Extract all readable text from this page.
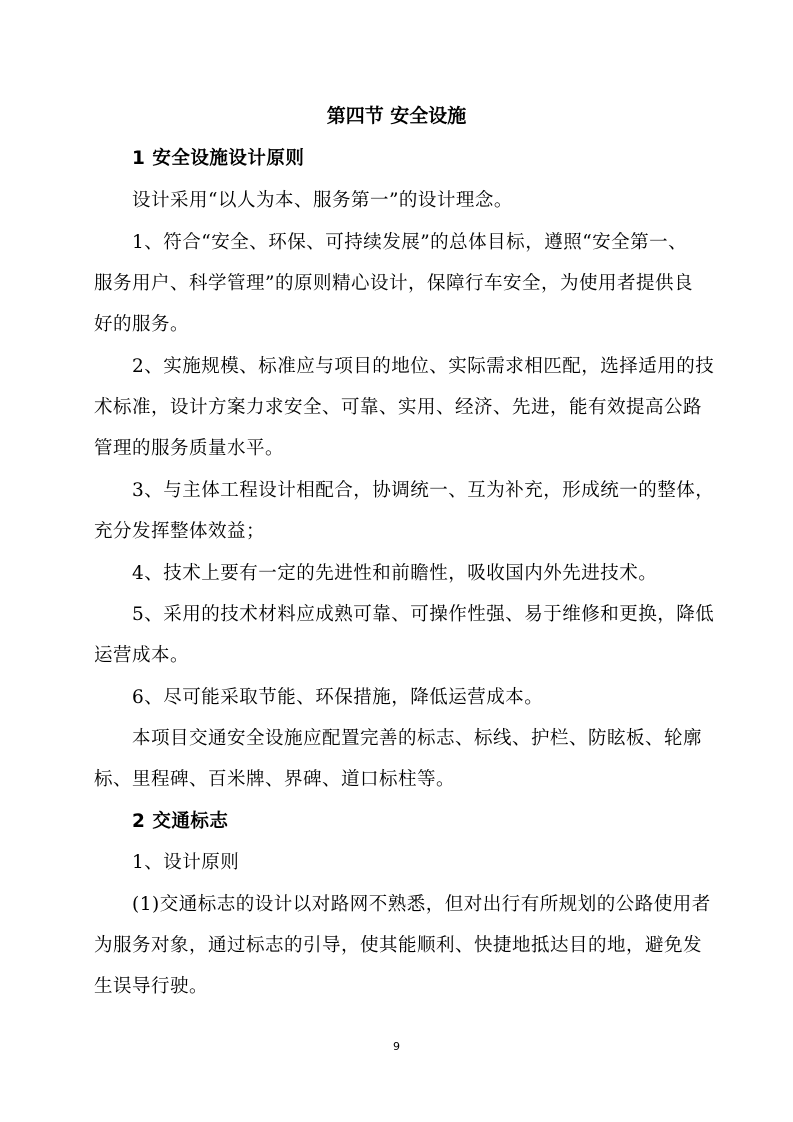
第四节 安全设施
1 安全设施设计原则
设计采用“以人为本、服务第一”的设计理念。
1、符合“安全、环保、可持续发展”的总体目标，遵照“安全第一、
服务用户、科学管理”的原则精心设计，保障行车安全，为使用者提供良
好的服务。
2、实施规模、标准应与项目的地位、实际需求相匹配，选择适用的技
术标准，设计方案力求安全、可靠、实用、经济、先进，能有效提高公路
管理的服务质量水平。
3、与主体工程设计相配合，协调统一、互为补充，形成统一的整体，
充分发挥整体效益；
4、技术上要有一定的先进性和前瞻性，吸收国内外先进技术。
5、采用的技术材料应成熟可靠、可操作性强、易于维修和更换，降低
运营成本。
6、尽可能采取节能、环保措施，降低运营成本。
本项目交通安全设施应配置完善的标志、标线、护栏、防眩板、轮廓
标、里程碑、百米牌、界碑、道口标柱等。
2 交通标志
1、设计原则
(1)交通标志的设计以对路网不熟悉，但对出行有所规划的公路使用者
为服务对象，通过标志的引导，使其能顺利、快捷地抵达目的地，避免发
生误导行驶。
9
